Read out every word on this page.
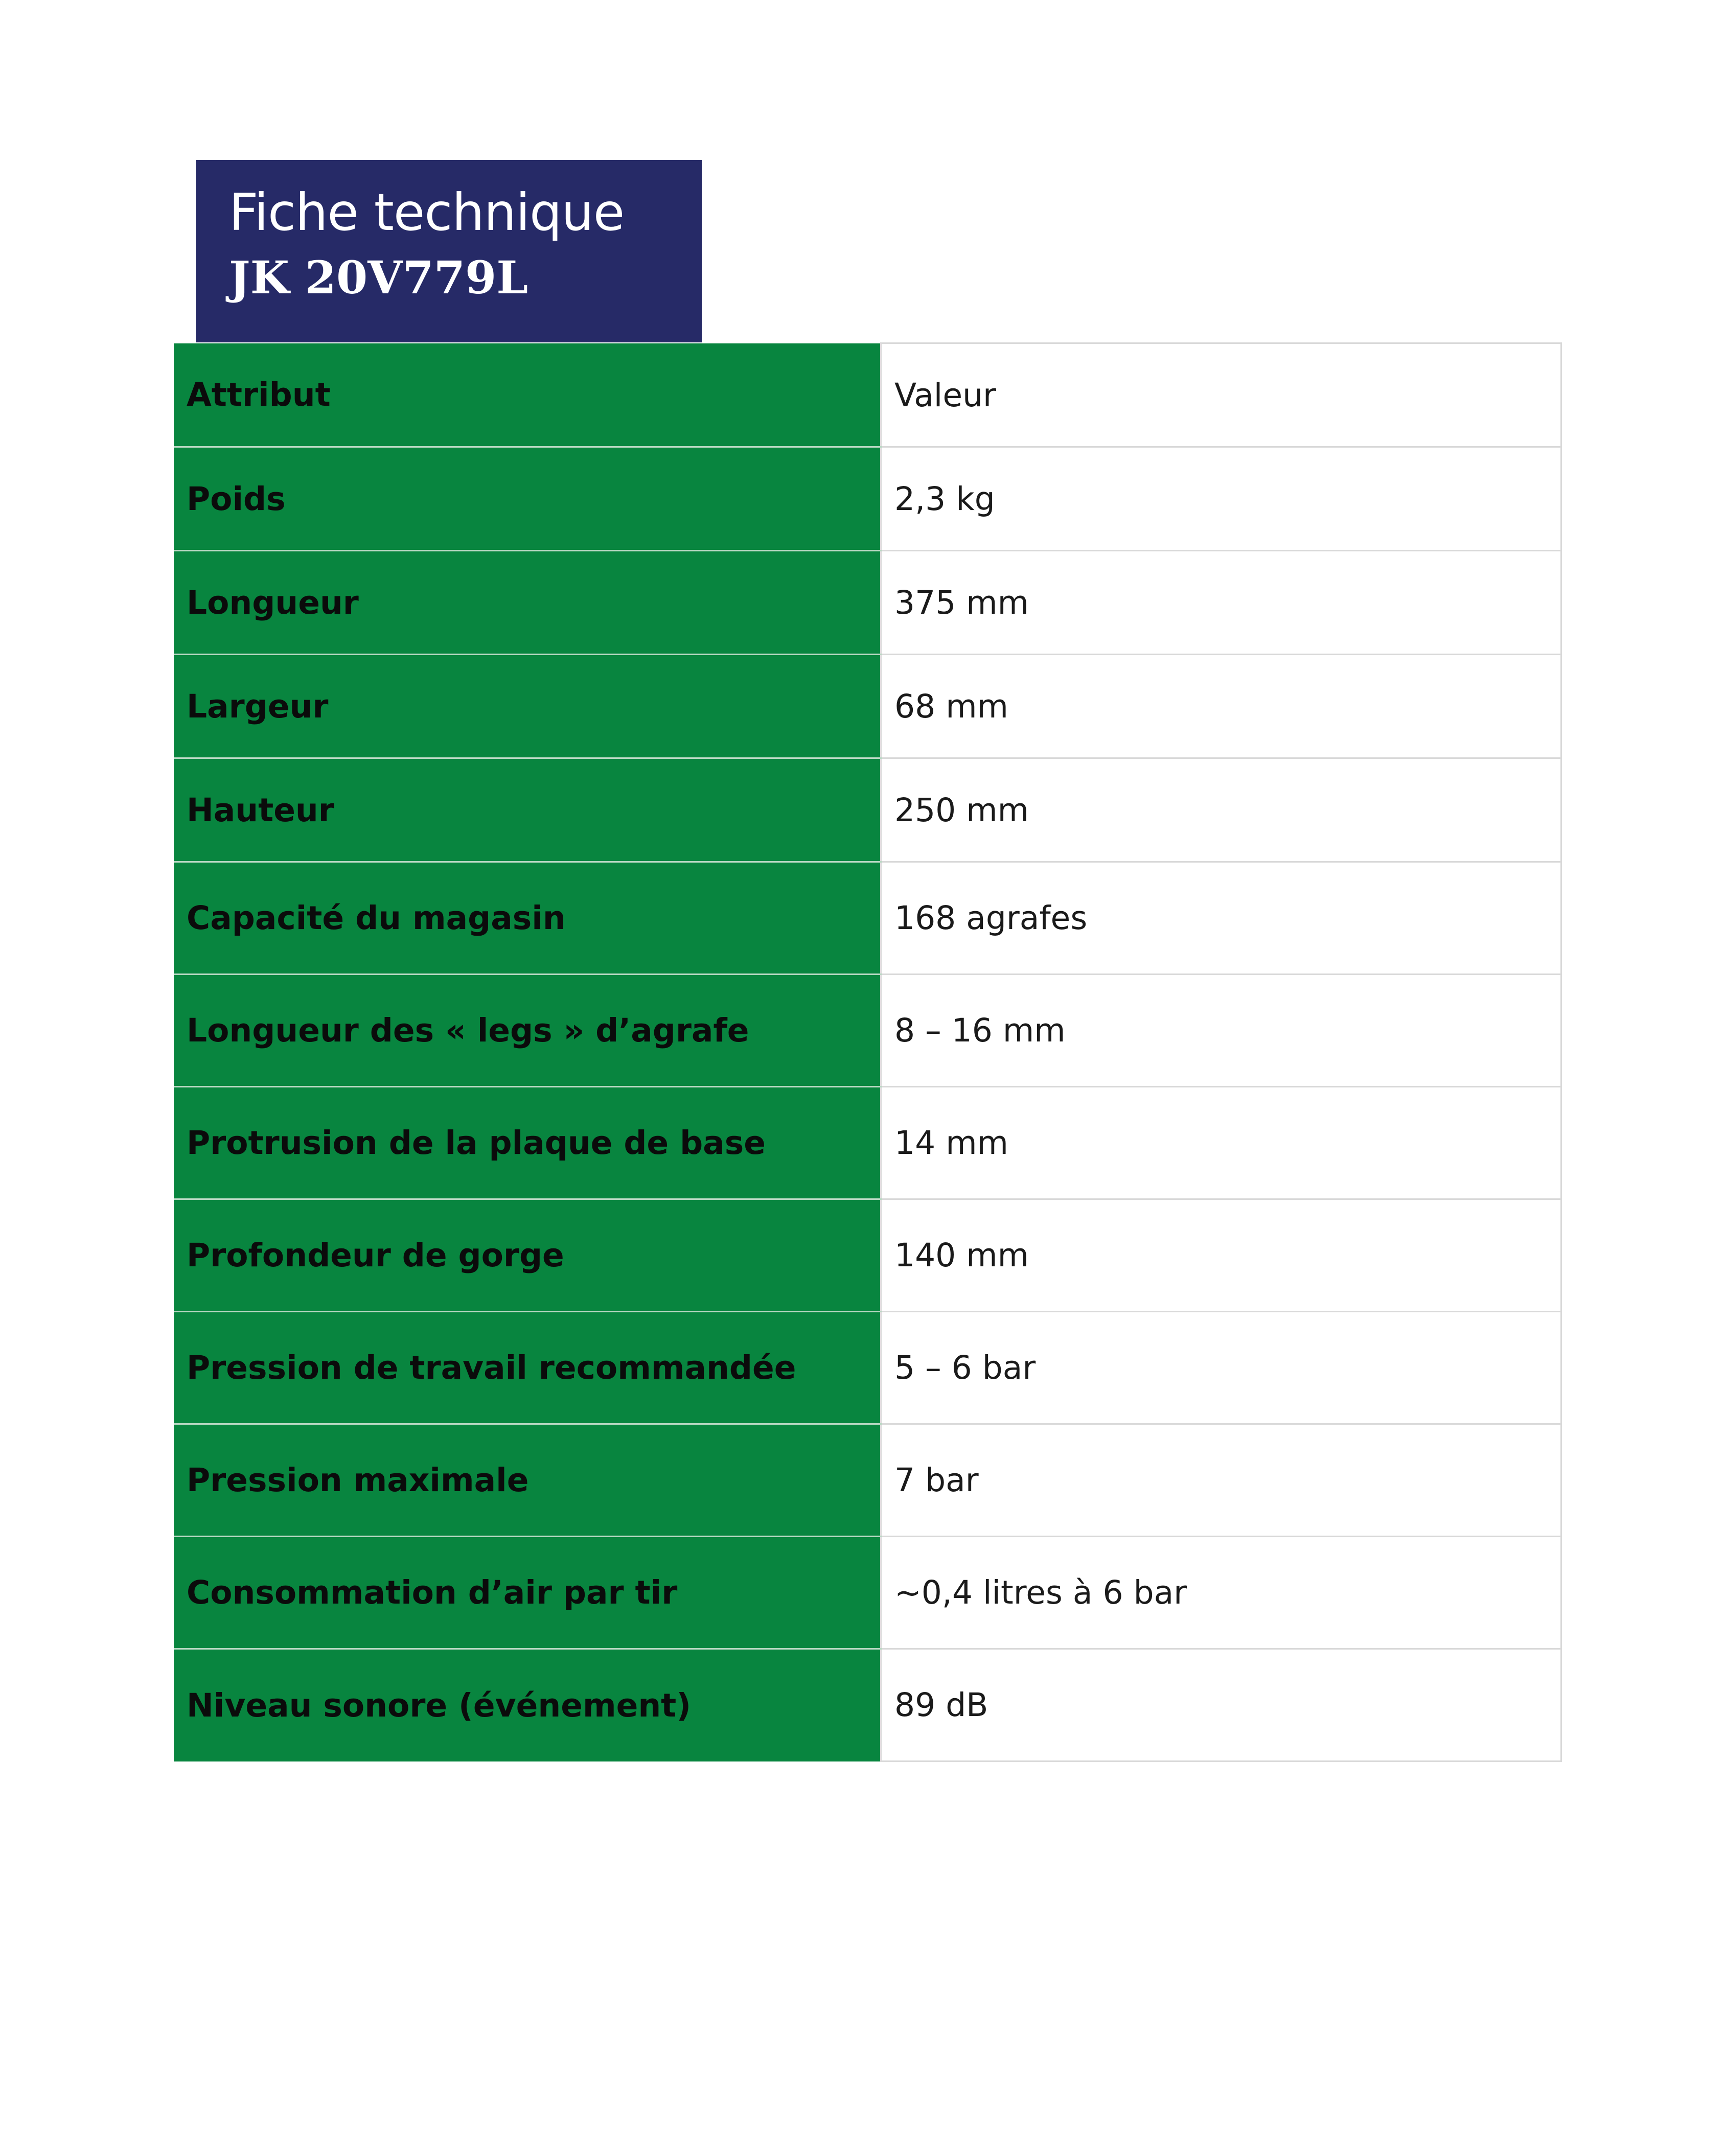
Fiche technique
JK 20V779L
Attribut	Valeur
Poids	2,3 kg
Longueur	375 mm
Largeur	68 mm
Hauteur	250 mm
Capacité du magasin	168 agrafes
Longueur des « legs » d’agrafe	8 – 16 mm
Protrusion de la plaque de base	14 mm
Profondeur de gorge	140 mm
Pression de travail recommandée	5 – 6 bar
Pression maximale	7 bar
Consommation d’air par tir	~0,4 litres à 6 bar
Niveau sonore (événement)	89 dB
